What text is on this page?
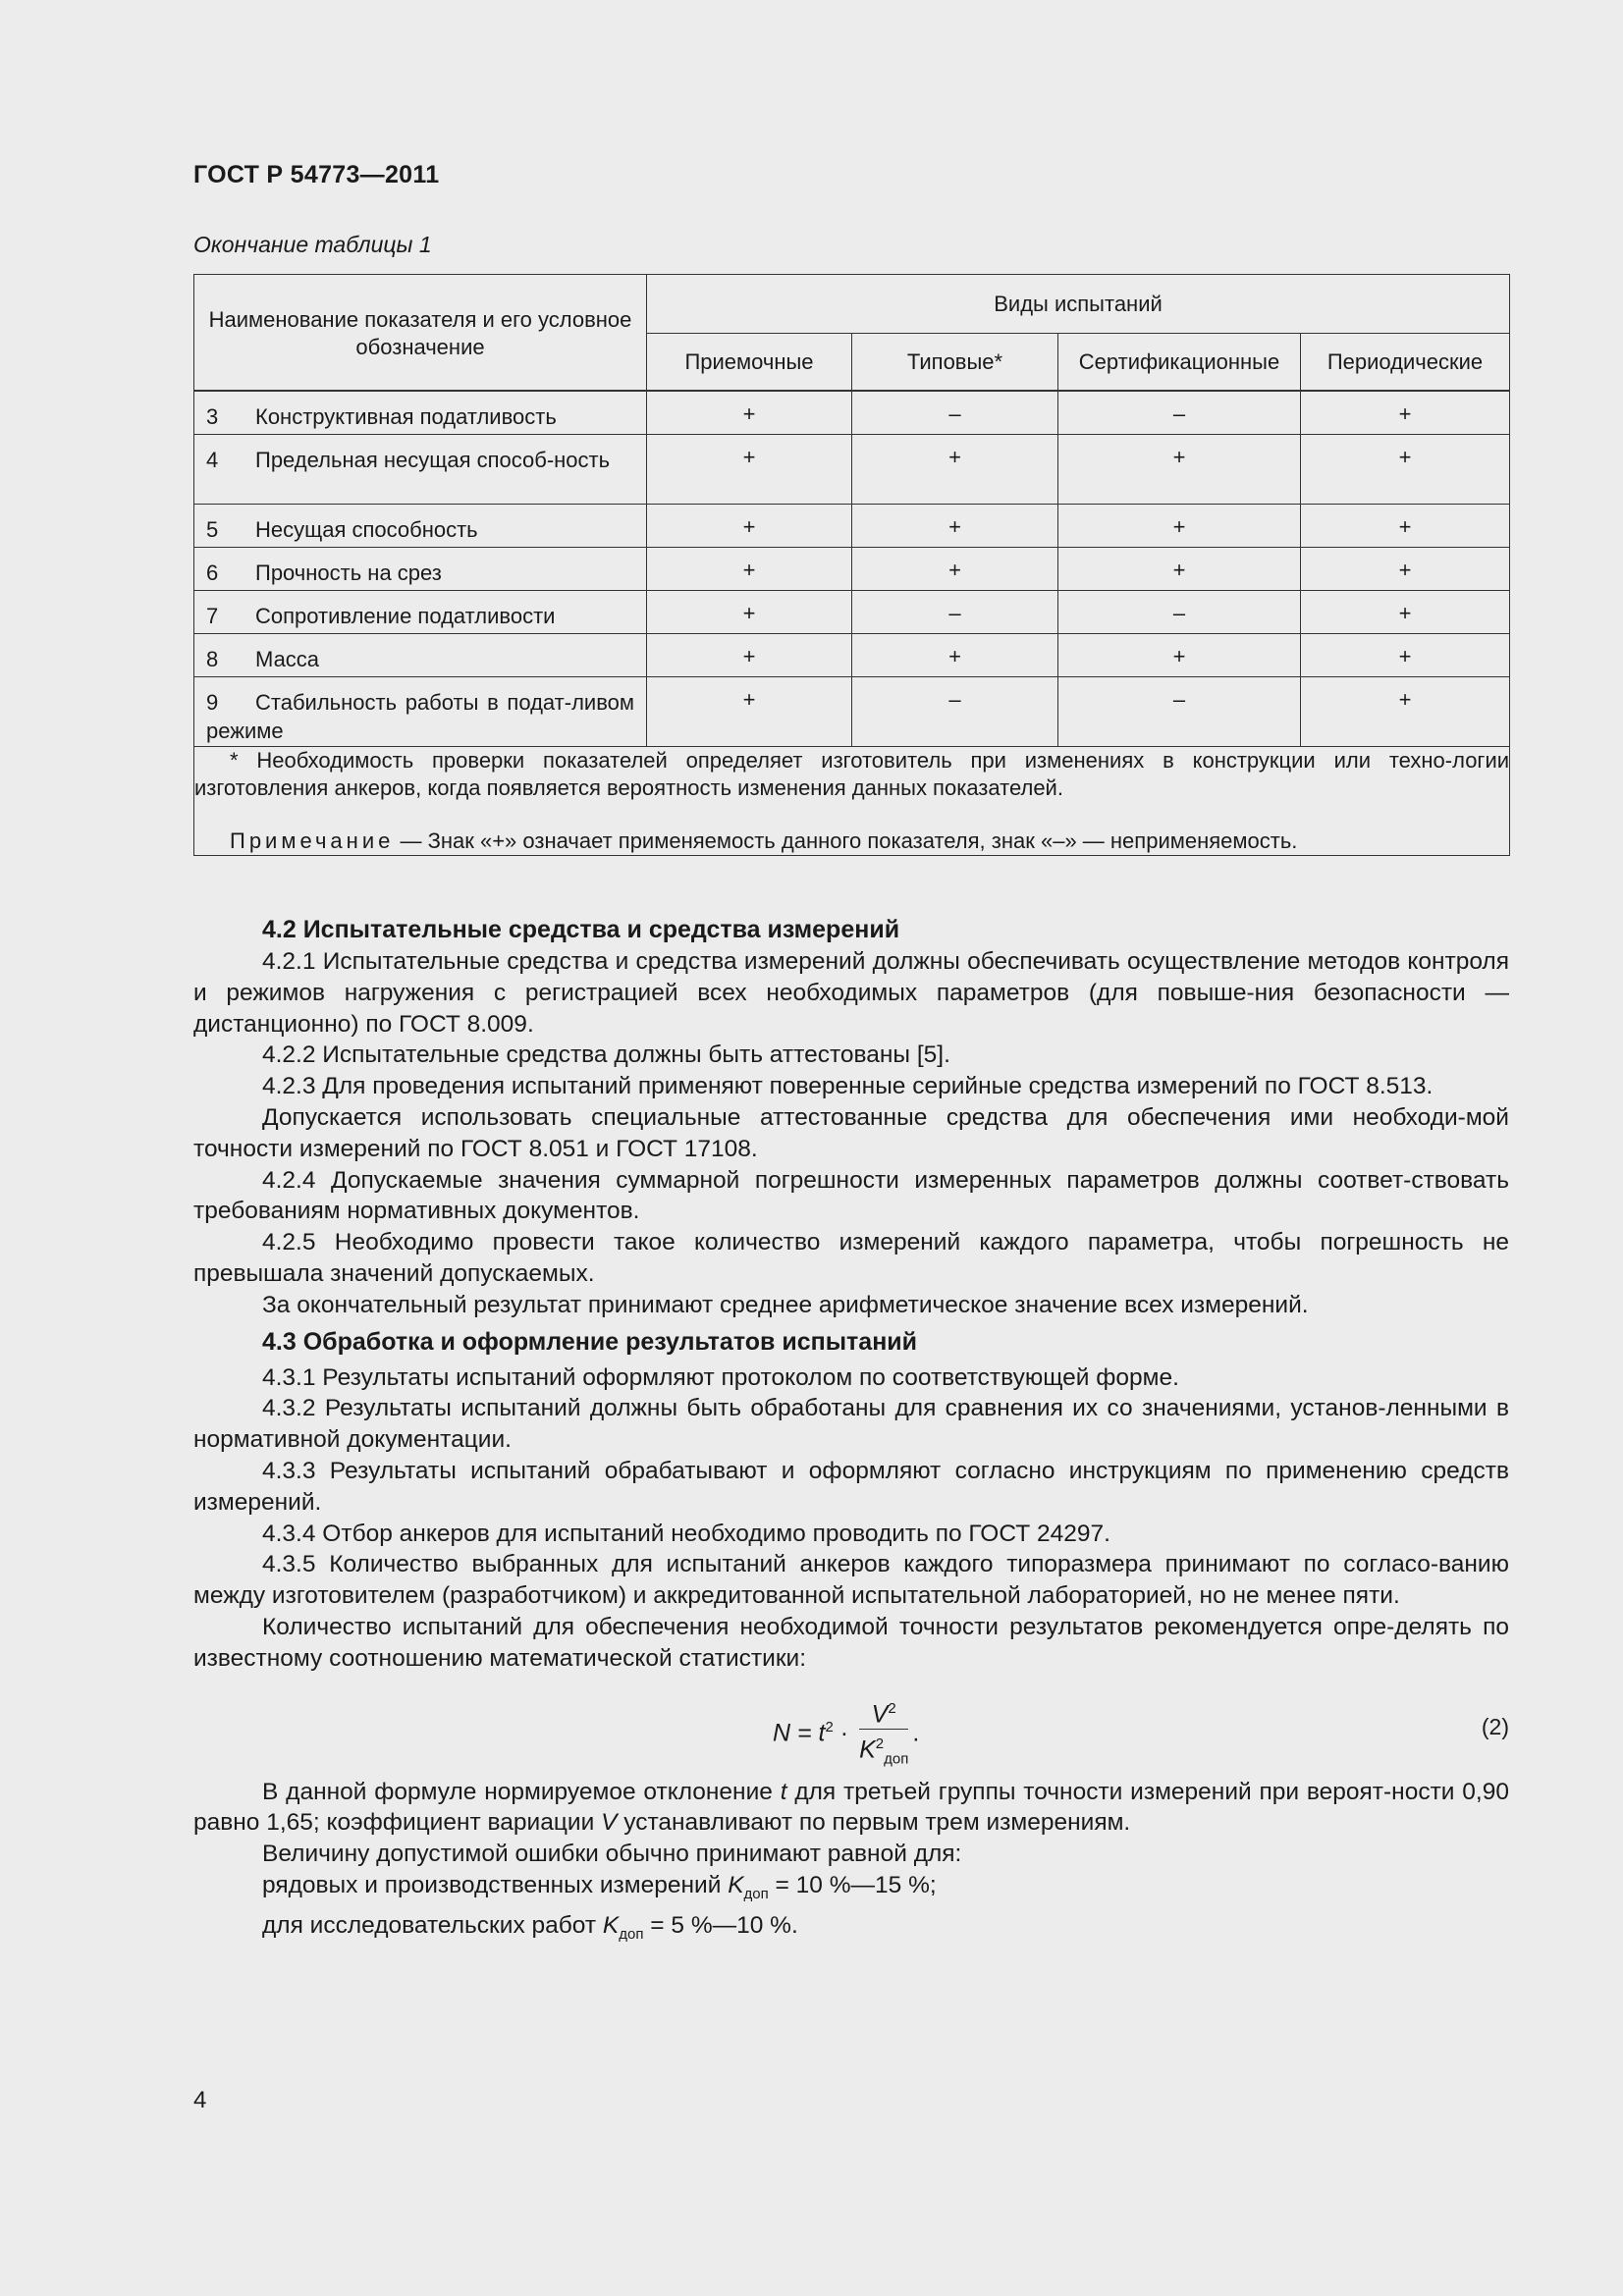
ГОСТ Р 54773—2011
Окончание таблицы 1
Наименование показателя и его условное обозначение	Виды испытаний			
	Приемочные	Типовые*	Сертификационные	Периодические

3 Конструктивная податливость	+	–	–	+
4 Предельная несущая способ-ность	+	+	+	+
5 Несущая способность	+	+	+	+
6 Прочность на срез	+	+	+	+
7 Сопротивление податливости	+	–	–	+
8 Масса	+	+	+	+
9 Стабильность работы в подат-ливом режиме	+	–	–	+

* Необходимость проверки показателей определяет изготовитель при изменениях в конструкции или техно-логии изготовления анкеров, когда появляется вероятность изменения данных показателей.

Примечание — Знак «+» означает применяемость данного показателя, знак «–» — неприменяемость.				

4.2 Испытательные средства и средства измерений

4.2.1 Испытательные средства и средства измерений должны обеспечивать осуществление методов контроля и режимов нагружения с регистрацией всех необходимых параметров (для повыше-ния безопасности — дистанционно) по ГОСТ 8.009.

4.2.2 Испытательные средства должны быть аттестованы [5].

4.2.3 Для проведения испытаний применяют поверенные серийные средства измерений по ГОСТ 8.513.

Допускается использовать специальные аттестованные средства для обеспечения ими необходи-мой точности измерений по ГОСТ 8.051 и ГОСТ 17108.

4.2.4 Допускаемые значения суммарной погрешности измеренных параметров должны соответ-ствовать требованиям нормативных документов.

4.2.5 Необходимо провести такое количество измерений каждого параметра, чтобы погрешность не превышала значений допускаемых.

За окончательный результат принимают среднее арифметическое значение всех измерений.

4.3 Обработка и оформление результатов испытаний

4.3.1 Результаты испытаний оформляют протоколом по соответствующей форме.

4.3.2 Результаты испытаний должны быть обработаны для сравнения их со значениями, установ-ленными в нормативной документации.

4.3.3 Результаты испытаний обрабатывают и оформляют согласно инструкциям по применению средств измерений.

4.3.4 Отбор анкеров для испытаний необходимо проводить по ГОСТ 24297.

4.3.5 Количество выбранных для испытаний анкеров каждого типоразмера принимают по согласо-ванию между изготовителем (разработчиком) и аккредитованной испытательной лабораторией, но не менее пяти.

Количество испытаний для обеспечения необходимой точности результатов рекомендуется опре-делять по известному соотношению математической статистики:

$N = t^2 \cdot \frac{V^2}{K^2_{доп}}$ .	(2)

В данной формуле нормируемое отклонение t для третьей группы точности измерений при вероят-ности 0,90 равно 1,65; коэффициент вариации V устанавливают по первым трем измерениям.

Величину допустимой ошибки обычно принимают равной для:

рядовых и производственных измерений $K_{доп} = 10$ %—15 %;

для исследовательских работ $K_{доп} = 5$ %—10 %.

4
